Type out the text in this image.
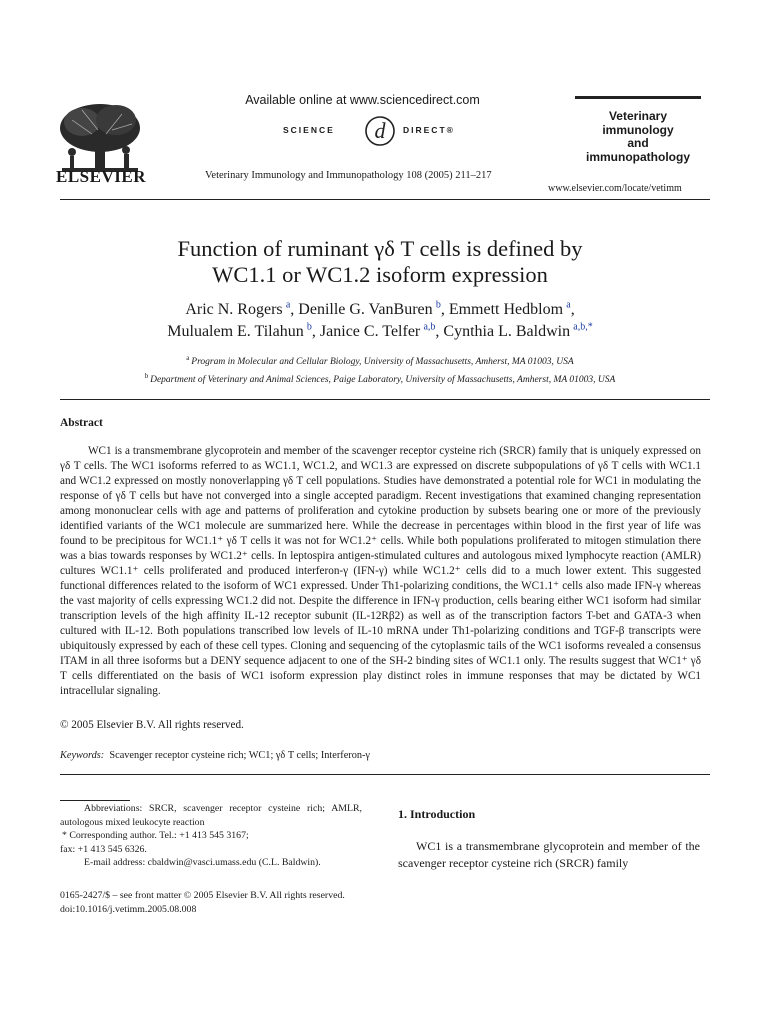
ELSEVIER
Available online at www.sciencedirect.com
SCIENCE d DIRECT®
Veterinary Immunology and Immunopathology 108 (2005) 211–217
Veterinary
immunology
and
immunopathology
www.elsevier.com/locate/vetimm
Function of ruminant γδ T cells is defined by
WC1.1 or WC1.2 isoform expression
Aric N. Rogers  $^a$, Denille G. VanBuren  $^b$, Emmett Hedblom  $^a$,
Mulualem E. Tilahun  $^b$, Janice C. Telfer  $^{a,b}$, Cynthia L. Baldwin  $^{a,b,*}$
$^a$  Program in Molecular and Cellular Biology, University of Massachusetts, Amherst, MA 01003, USA
$^b$  Department of Veterinary and Animal Sciences, Paige Laboratory, University of Massachusetts, Amherst, MA 01003, USA
Abstract

WC1 is a transmembrane glycoprotein and member of the scavenger receptor cysteine rich (SRCR) family that is uniquely expressed on γδ T cells. The WC1 isoforms referred to as WC1.1, WC1.2, and WC1.3 are expressed on discrete subpopulations of γδ T cells with WC1.1 and WC1.2 expressed on mostly nonoverlapping γδ T cell populations. Studies have demonstrated a potential role for WC1 in modulating the response of γδ T cells but have not converged into a single accepted paradigm. Recent investigations that examined changing representation among mononuclear cells with age and patterns of proliferation and cytokine production by subsets bearing one or more of the previously identified variants of the WC1 molecule are summarized here. While the decrease in percentages within blood in the first year of life was found to be precipitous for WC1.1⁺ γδ T cells it was not for WC1.2⁺ cells. While both populations proliferated to mitogen stimulation there was a bias towards responses by WC1.2⁺ cells. In leptospira antigen-stimulated cultures and autologous mixed lymphocyte reaction (AMLR) cultures WC1.1⁺ cells proliferated and produced interferon-γ (IFN-γ) while WC1.2⁺ cells did to a much lower extent. This suggested functional differences related to the isoform of WC1 expressed. Under Th1-polarizing conditions, the WC1.1⁺ cells also made IFN-γ whereas the vast majority of cells expressing WC1.2 did not. Despite the difference in IFN-γ production, cells bearing either WC1 isoform had similar transcription levels of the high affinity IL-12 receptor subunit (IL-12Rβ2) as well as of the transcription factors T-bet and GATA-3 when cultured with IL-12. Both populations transcribed low levels of IL-10 mRNA under Th1-polarizing conditions and TGF-β transcripts were ubiquitously expressed by each of these cell types. Cloning and sequencing of the cytoplasmic tails of the WC1 isoforms revealed a consensus ITAM in all three isoforms but a DENY sequence adjacent to one of the SH-2 binding sites of WC1.1 only. The results suggest that WC1⁺ γδ T cells differentiated on the basis of WC1 isoform expression play distinct roles in immune responses that may be dictated by WC1 intracellular signaling.

© 2005 Elsevier B.V. All rights reserved.
Keywords: Scavenger receptor cysteine rich; WC1; γδ T cells; Interferon-γ

Abbreviations: SRCR, scavenger receptor cysteine rich; AMLR, autologous mixed leukocyte reaction

* Corresponding author. Tel.: +1 413 545 3167;

fax: +1 413 545 6326.

E-mail address: cbaldwin@vasci.umass.edu (C.L. Baldwin).

0165-2427/$ – see front matter © 2005 Elsevier B.V. All rights reserved.

doi:10.1016/j.vetimm.2005.08.008

1. Introduction

WC1 is a transmembrane glycoprotein and member of the scavenger receptor cysteine rich (SRCR) family
